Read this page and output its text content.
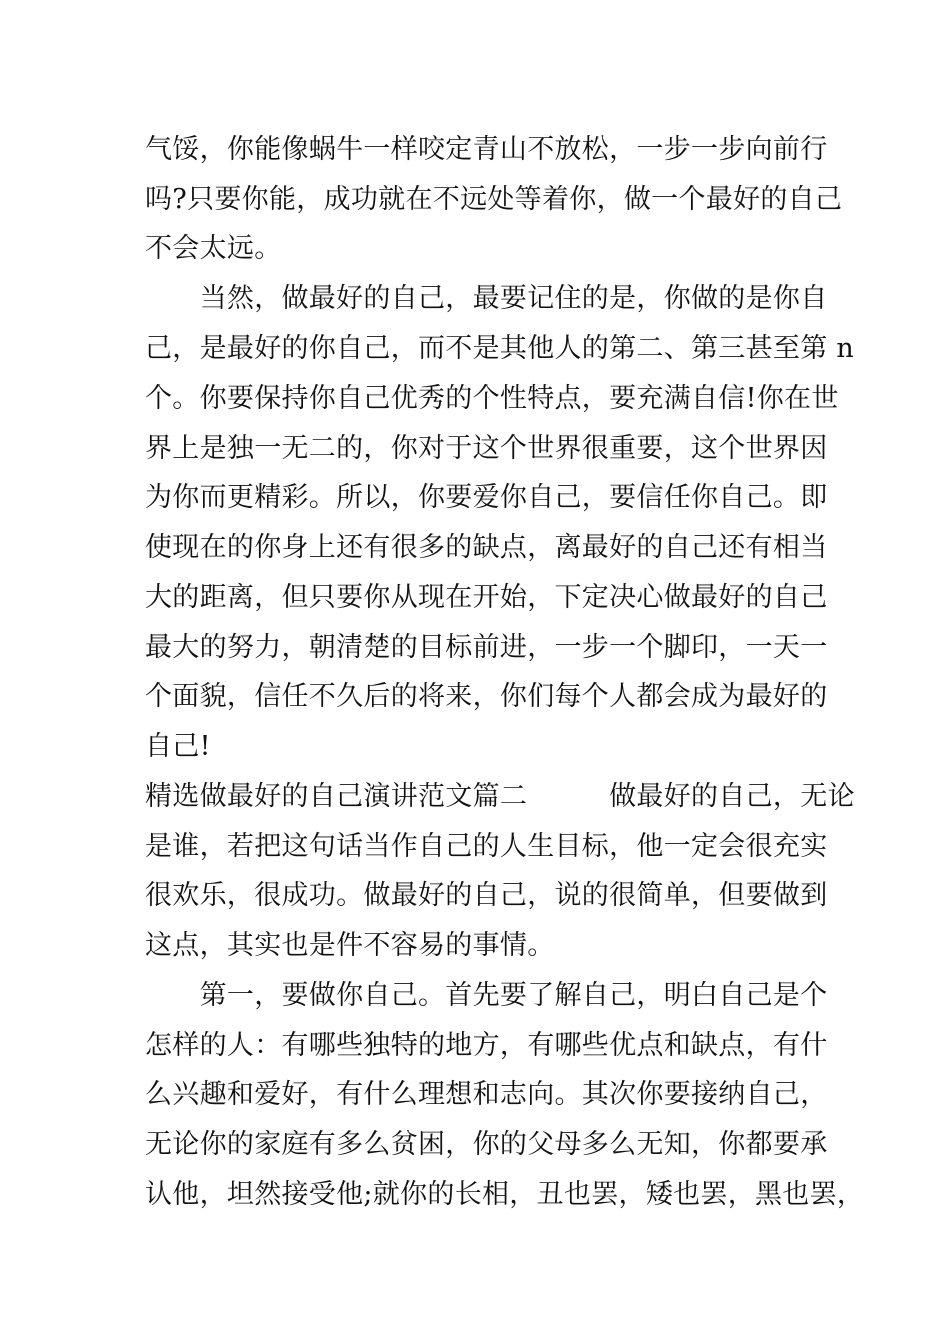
气馁，你能像蜗牛一样咬定青山不放松，一步一步向前行
吗?只要你能，成功就在不远处等着你，做一个最好的自己
不会太远。
　　当然，做最好的自己，最要记住的是，你做的是你自
己，是最好的你自己，而不是其他人的第二、第三甚至第 n
个。你要保持你自己优秀的个性特点，要充满自信!你在世
界上是独一无二的，你对于这个世界很重要，这个世界因
为你而更精彩。所以，你要爱你自己，要信任你自己。即
使现在的你身上还有很多的缺点，离最好的自己还有相当
大的距离，但只要你从现在开始，下定决心做最好的自己
最大的努力，朝清楚的目标前进，一步一个脚印，一天一
个面貌，信任不久后的将来，你们每个人都会成为最好的
自己!
精选做最好的自己演讲范文篇二　　　做最好的自己，无论
是谁，若把这句话当作自己的人生目标，他一定会很充实
很欢乐，很成功。做最好的自己，说的很简单，但要做到
这点，其实也是件不容易的事情。
　　第一，要做你自己。首先要了解自己，明白自己是个
怎样的人：有哪些独特的地方，有哪些优点和缺点，有什
么兴趣和爱好，有什么理想和志向。其次你要接纳自己，
无论你的家庭有多么贫困，你的父母多么无知，你都要承
认他，坦然接受他;就你的长相，丑也罢，矮也罢，黑也罢，
